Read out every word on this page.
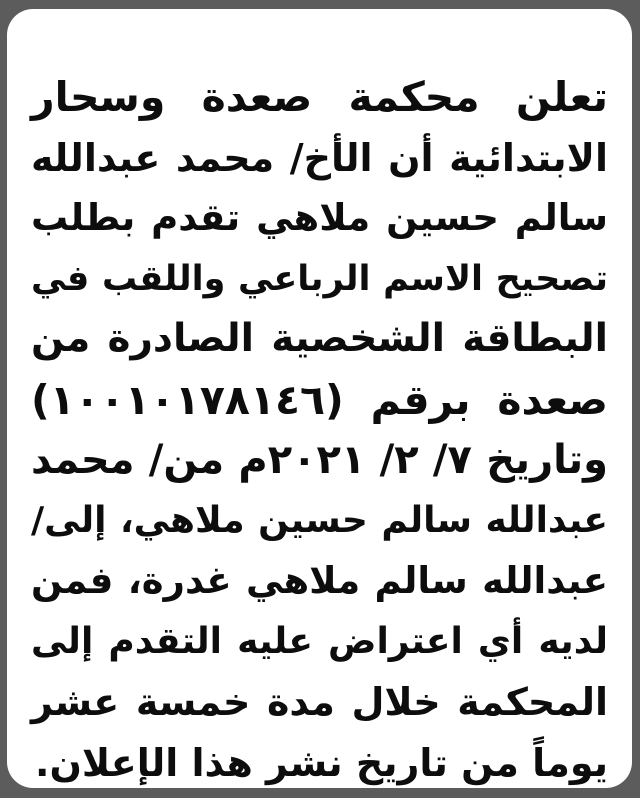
تعلن محكمة صعدة وسحار
الابتدائية أن الأخ/ محمد عبدالله
سالم حسين ملاهي تقدم بطلب
تصحيح الاسم الرباعي واللقب في
البطاقة الشخصية الصادرة من
صعدة برقم (١٠٠١٠١٧٨١٤٦)
وتاريخ ٧/ ٢/ ٢٠٢١م من/ محمد
عبدالله سالم حسين ملاهي، إلى/
عبدالله سالم ملاهي غدرة، فمن
لديه أي اعتراض عليه التقدم إلى
المحكمة خلال مدة خمسة عشر
يوماً من تاريخ نشر هذا الإعلان.
